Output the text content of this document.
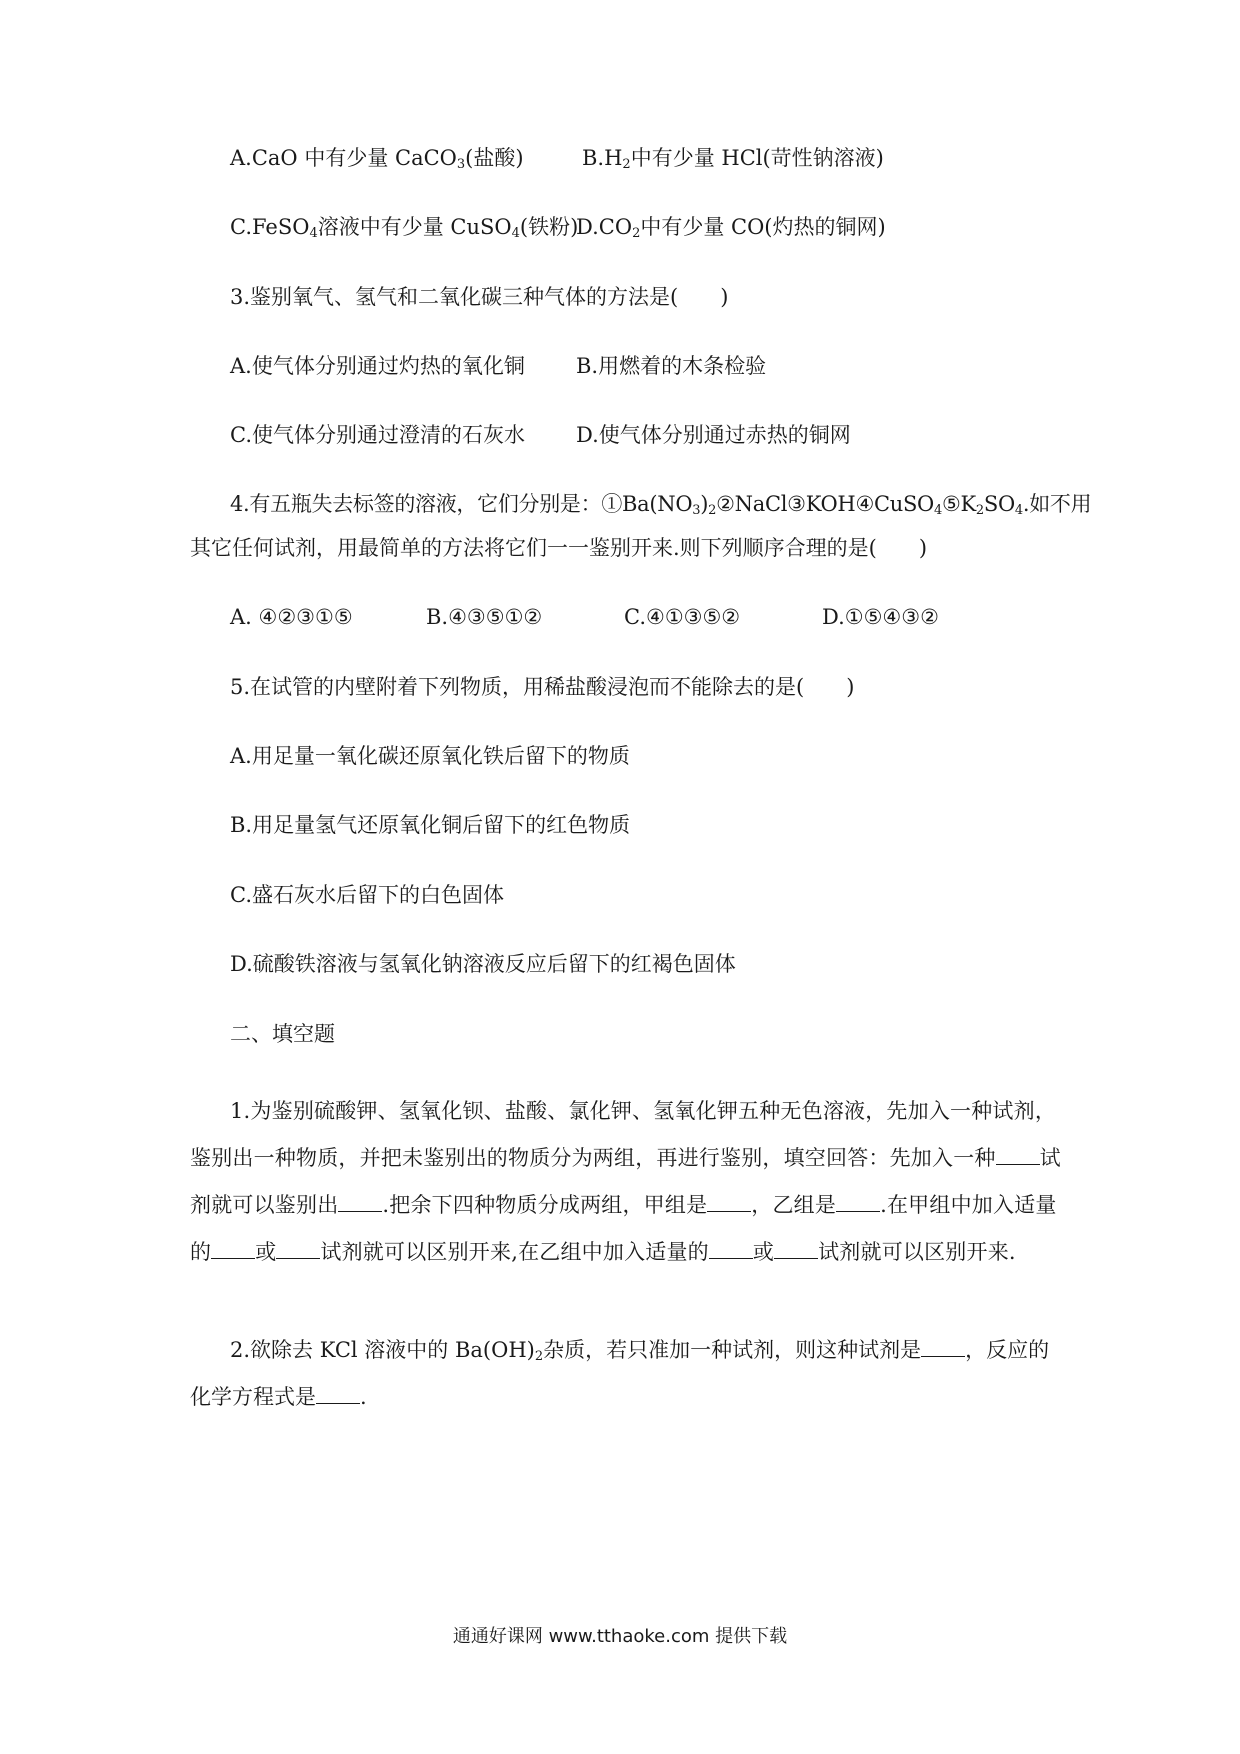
A.CaO 中有少量 CaCO$_3$(盐酸)	$B.H_2$中有少量 HCl(苛性钠溶液)
C.FeSO$_4$溶液中有少量 CuSO$_4$(铁粉)
$D.CO_2$中有少量 CO(灼热的铜网)
3.鉴别氧气、氢气和二氧化碳三种气体的方法是(　　)
A.使气体分别通过灼热的氧化铜 B.用燃着的木条检验
C.使气体分别通过澄清的石灰水 D.使气体分别通过赤热的铜网
4.有五瓶失去标签的溶液，它们分别是：$①Ba(NO_3)_2②NaCl③KOH④CuSO_4⑤K_2SO_4$.如不用
其它任何试剂，用最简单的方法将它们一一鉴别开来.则下列顺序合理的是(　　)
A. ④②③①⑤	B.④③⑤①②	C.④①③⑤②	D.①⑤④③②
5.在试管的内壁附着下列物质，用稀盐酸浸泡而不能除去的是(　　)
A.用足量一氧化碳还原氧化铁后留下的物质
B.用足量氢气还原氧化铜后留下的红色物质
C.盛石灰水后留下的白色固体
D.硫酸铁溶液与氢氧化钠溶液反应后留下的红褐色固体
二、填空题
1.为鉴别硫酸钾、氢氧化钡、盐酸、氯化钾、氢氧化钾五种无色溶液，先加入一种试剂，鉴别出一种物质，并把未鉴别出的物质分为两组，再进行鉴别，填空回答：先加入一种 试剂就可以鉴别出 .把余下四种物质分成两组，甲组是 ，乙组是 .在甲组中加入适量的 或 试剂就可以区别开来,在乙组中加入适量的 或 试剂就可以区别开来.
2.欲除去 KCl 溶液中的 $Ba(OH)_2$杂质，若只准加一种试剂，则这种试剂是 ，反应的化学方程式是 .
通通好课网 www.tthaoke.com 提供下载
